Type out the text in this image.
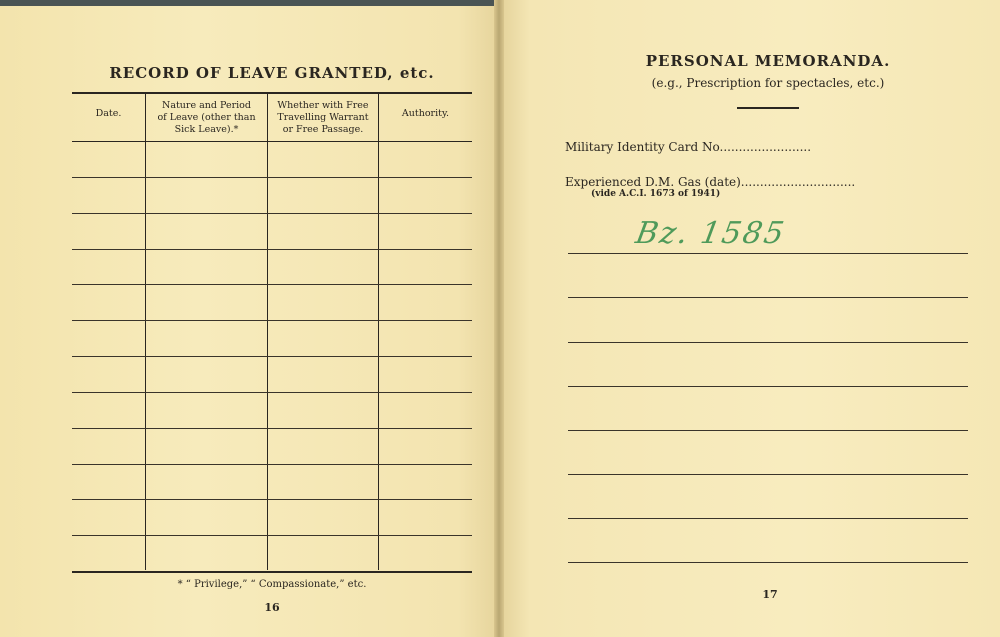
RECORD OF LEAVE GRANTED, etc.
Date.
Nature and Period
of Leave (other than
Sick Leave).*
Whether with Free
Travelling Warrant
or Free Passage.
Authority.
* “ Privilege,” “ Compassionate,” etc.
16
PERSONAL MEMORANDA.
(e.g., Prescription for spectacles, etc.)
Military Identity Card No........................
Experienced D.M. Gas (date)..............................
(vide A.C.I. 1673 of 1941)
Bz. 1585
17
